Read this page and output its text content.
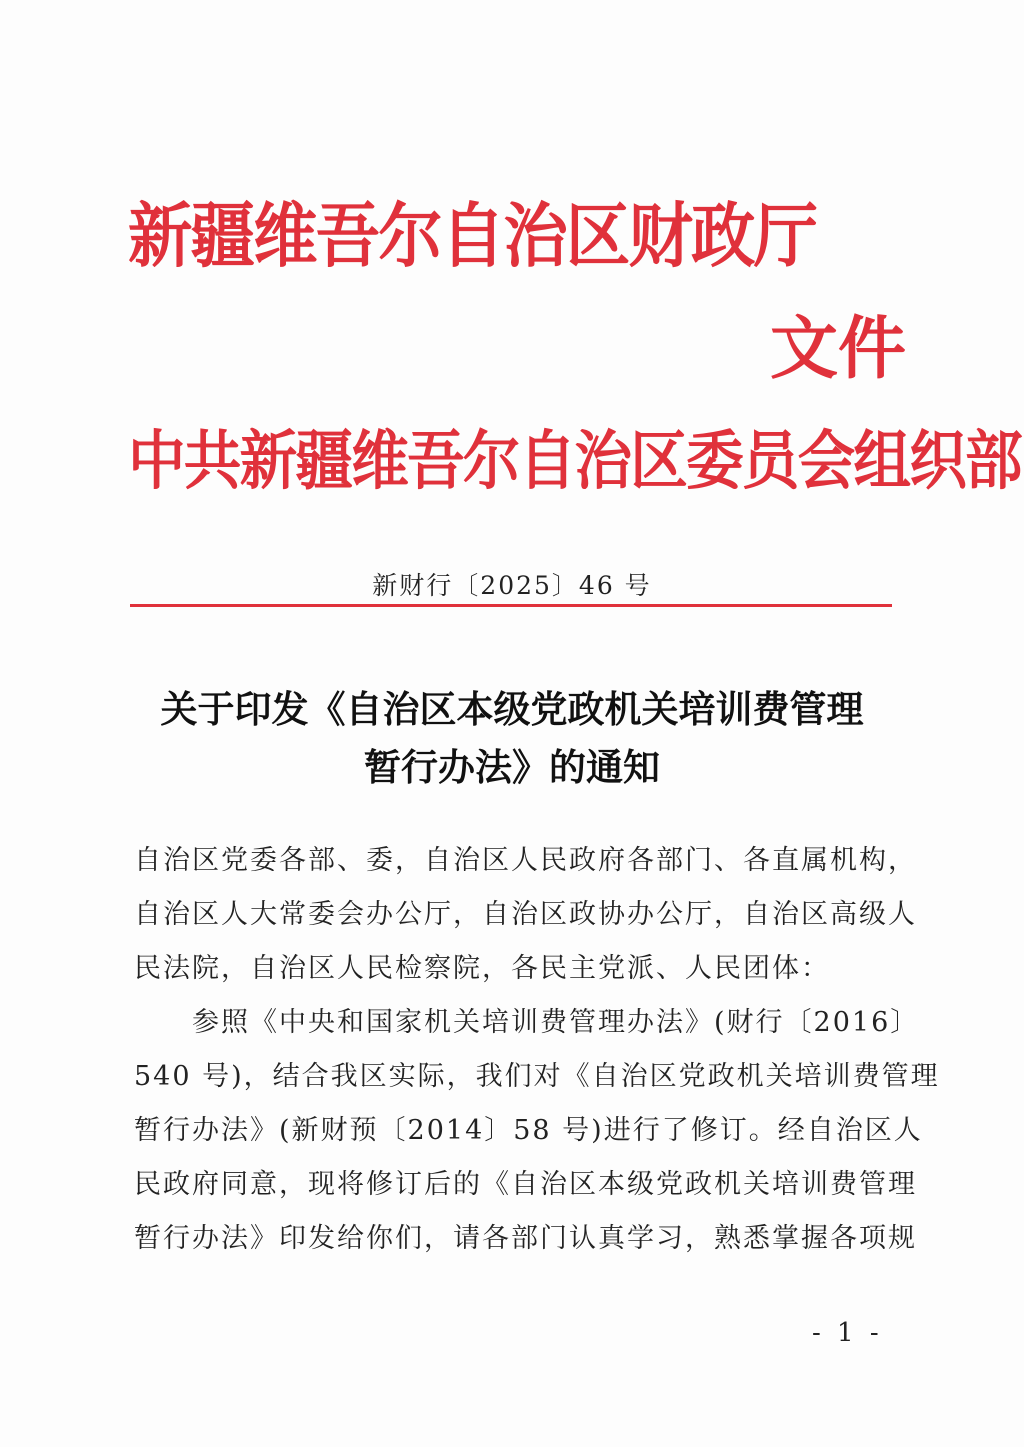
新疆维吾尔自治区财政厅
文件
中共新疆维吾尔自治区委员会组织部
新财行〔2025〕46 号
关于印发《自治区本级党政机关培训费管理
暂行办法》的通知
自治区党委各部、委，自治区人民政府各部门、各直属机构，
自治区人大常委会办公厅，自治区政协办公厅，自治区高级人
民法院，自治区人民检察院，各民主党派、人民团体：
　　参照《中央和国家机关培训费管理办法》(财行〔2016〕
540 号)，结合我区实际，我们对《自治区党政机关培训费管理
暂行办法》(新财预〔2014〕58 号)进行了修订。经自治区人
民政府同意，现将修订后的《自治区本级党政机关培训费管理
暂行办法》印发给你们，请各部门认真学习，熟悉掌握各项规
- 1 -
